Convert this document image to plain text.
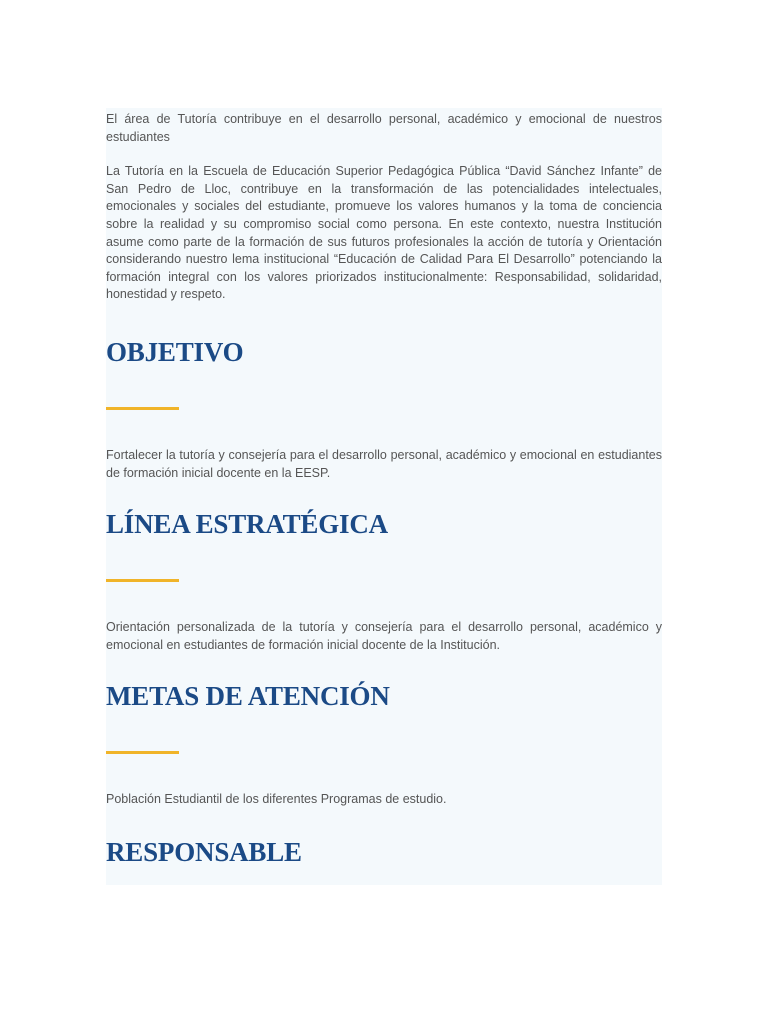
El área de Tutoría contribuye en el desarrollo personal, académico y emocional de nuestros estudiantes

La Tutoría en la Escuela de Educación Superior Pedagógica Pública “David Sánchez Infante” de San Pedro de Lloc, contribuye en la transformación de las potencialidades intelectuales, emocionales y sociales del estudiante, promueve los valores humanos y la toma de conciencia sobre la realidad y su compromiso social como persona. En este contexto, nuestra Institución asume como parte de la formación de sus futuros profesionales la acción de tutoría y Orientación considerando nuestro lema institucional “Educación de Calidad Para El Desarrollo” potenciando la formación integral con los valores priorizados institucionalmente: Responsabilidad, solidaridad, honestidad y respeto.

OBJETIVO

Fortalecer la tutoría y consejería para el desarrollo personal, académico y emocional en estudiantes de formación inicial docente en la EESP.

LÍNEA ESTRATÉGICA

Orientación personalizada de la tutoría y consejería para el desarrollo personal, académico y emocional en estudiantes de formación inicial docente de la Institución.

METAS DE ATENCIÓN

Población Estudiantil de los diferentes Programas de estudio.

RESPONSABLE
